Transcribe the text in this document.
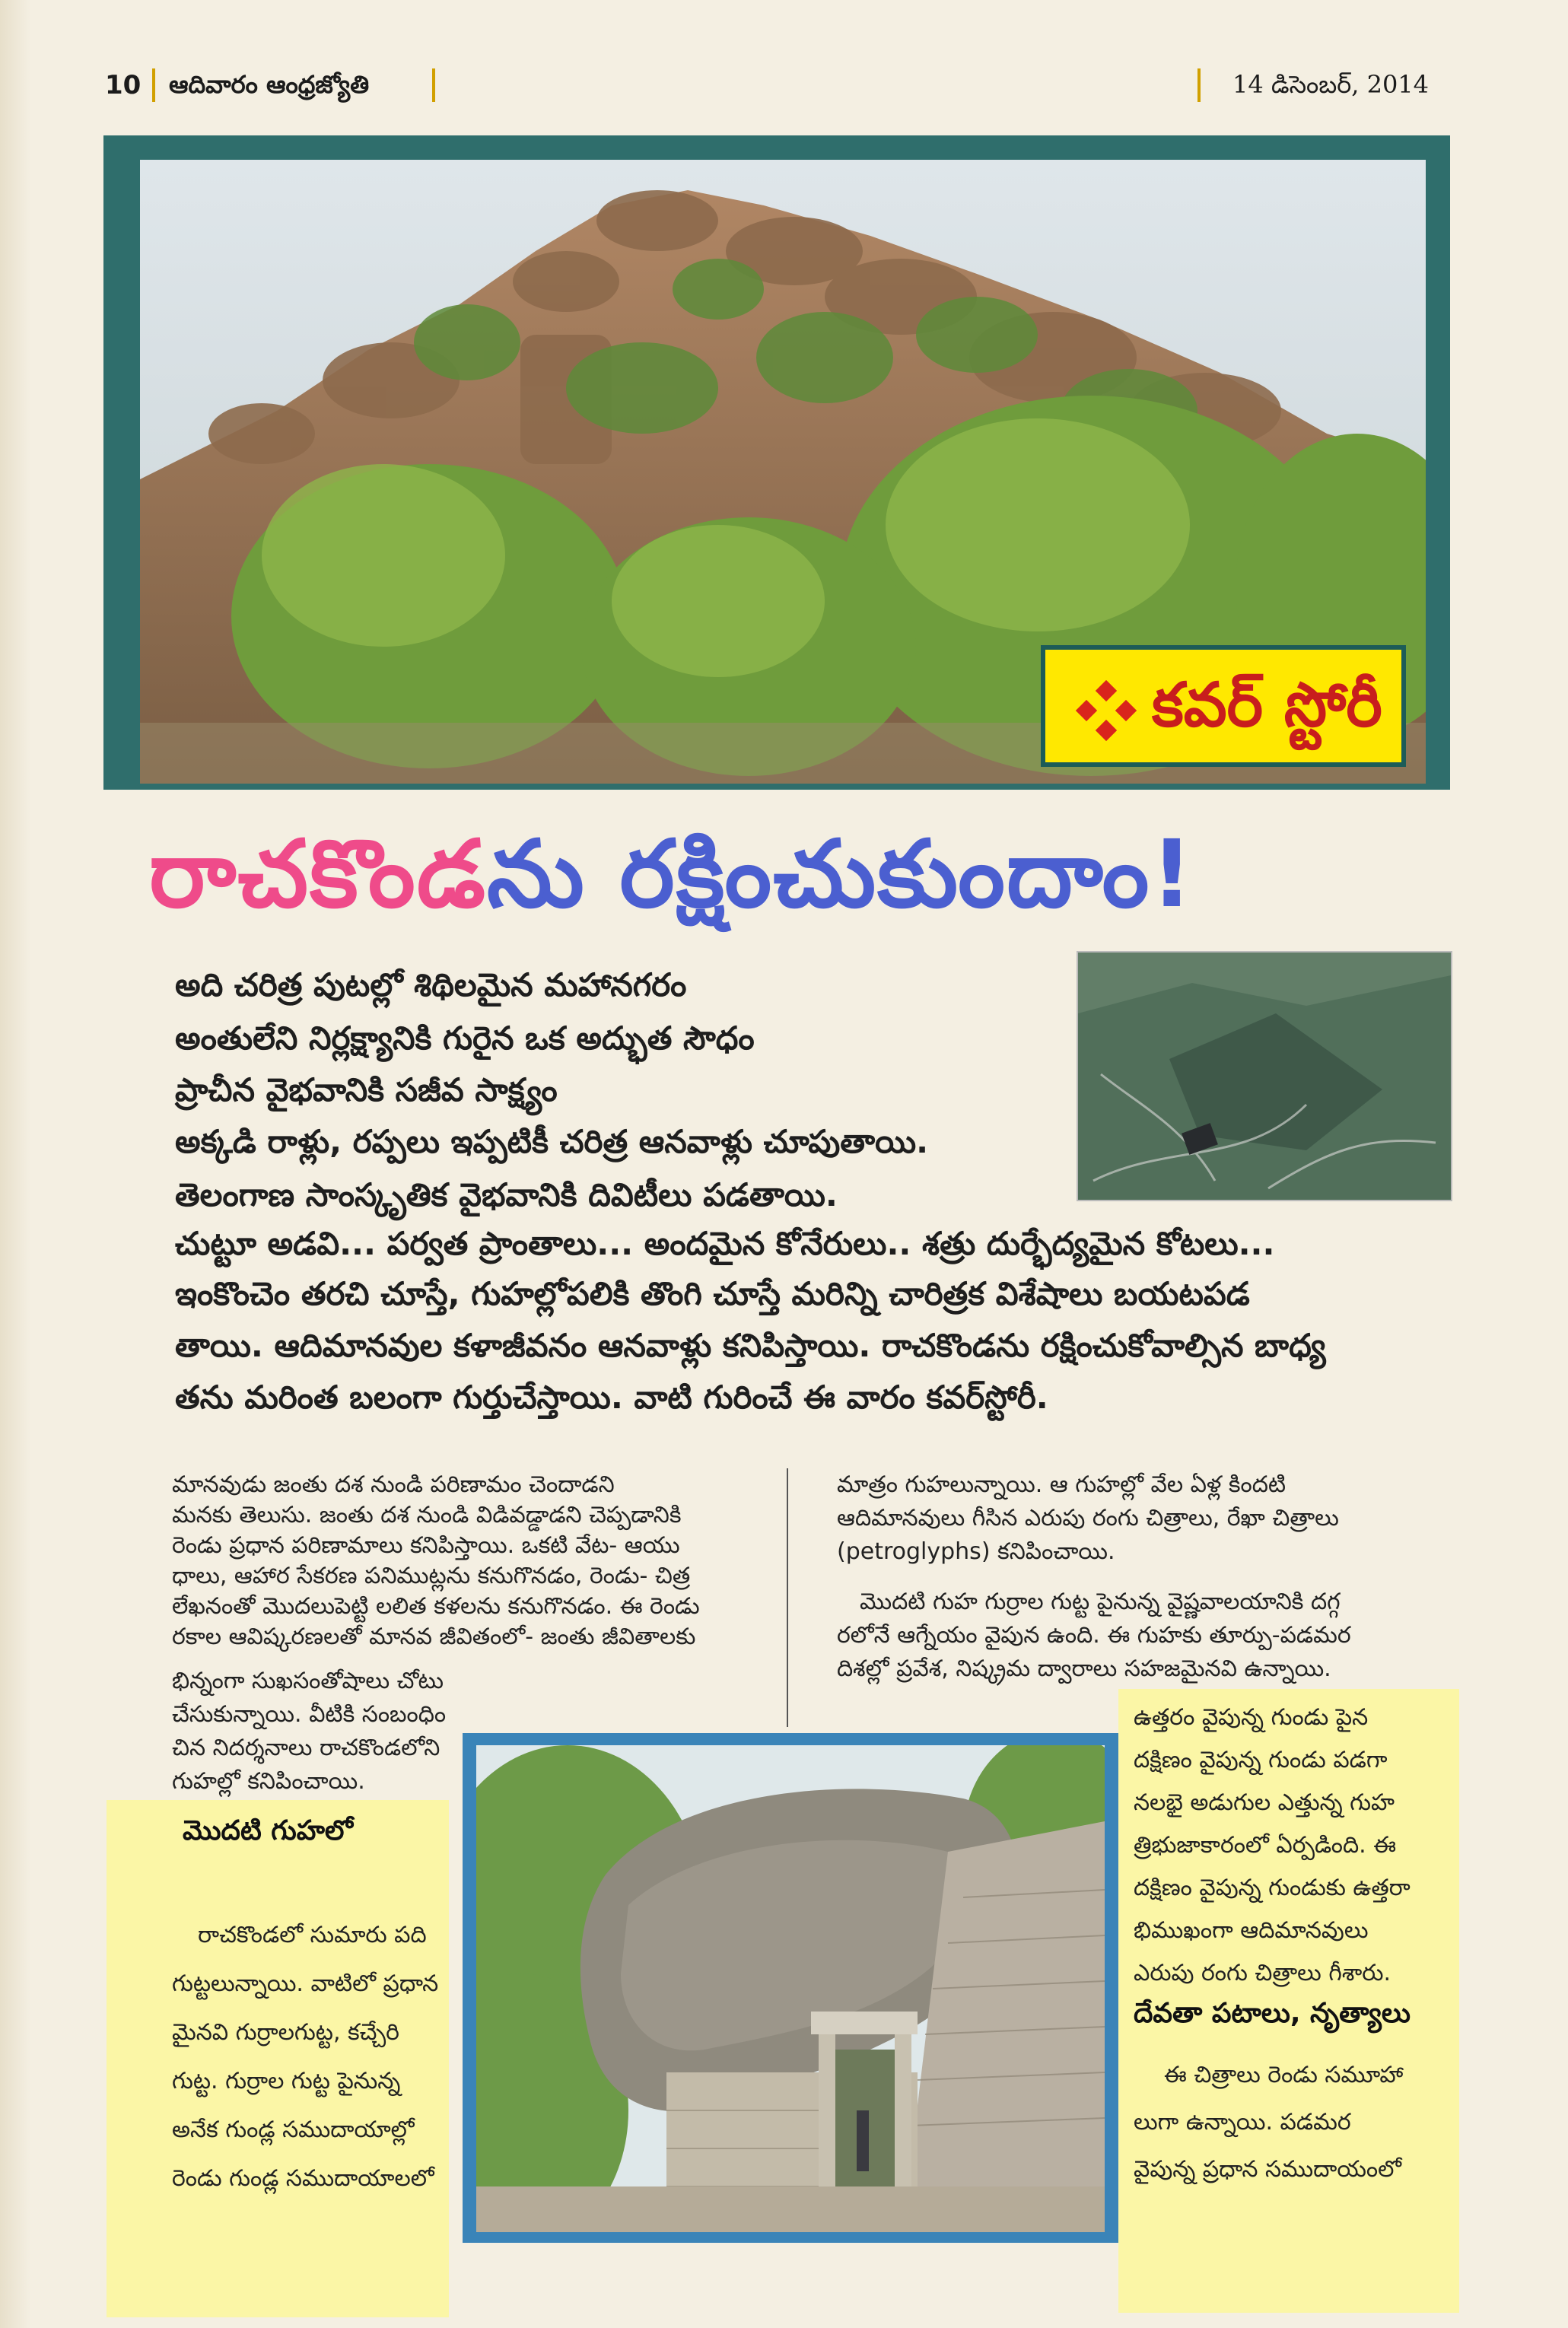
10 ఆదివారం ఆంధ్రజ్యోతి	14 డిసెంబర్, 2014
కవర్ స్టోరీ
రాచకొండను రక్షించుకుందాం!
అది చరిత్ర పుటల్లో శిథిలమైన మహానగరం
అంతులేని నిర్లక్ష్యానికి గురైన ఒక అద్భుత సౌధం
ప్రాచీన వైభవానికి సజీవ సాక్ష్యం
అక్కడి రాళ్లు, రప్పలు ఇప్పటికీ చరిత్ర ఆనవాళ్లు చూపుతాయి.
తెలంగాణ సాంస్కృతిక వైభవానికి దివిటీలు పడతాయి.
చుట్టూ అడవి... పర్వత ప్రాంతాలు... అందమైన కోనేరులు.. శత్రు దుర్భేద్యమైన కోటలు...
ఇంకొంచెం తరచి చూస్తే, గుహల్లోపలికి తొంగి చూస్తే మరిన్ని చారిత్రక విశేషాలు బయటపడ
తాయి. ఆదిమానవుల కళాజీవనం ఆనవాళ్లు కనిపిస్తాయి. రాచకొండను రక్షించుకోవాల్సిన బాధ్య
తను మరింత బలంగా గుర్తుచేస్తాయి. వాటి గురించే ఈ వారం కవర్‌స్టోరీ.
మానవుడు జంతు దశ నుండి పరిణామం చెందాడని
మనకు తెలుసు. జంతు దశ నుండి విడివడ్డాడని చెప్పడానికి
రెండు ప్రధాన పరిణామాలు కనిపిస్తాయి. ఒకటి వేట- ఆయు
ధాలు, ఆహార సేకరణ పనిముట్లను కనుగొనడం, రెండు- చిత్ర
లేఖనంతో మొదలుపెట్టి లలిత కళలను కనుగొనడం. ఈ రెండు
రకాల ఆవిష్కరణలతో మానవ జీవితంలో- జంతు జీవితాలకు
భిన్నంగా సుఖసంతోషాలు చోటు
చేసుకున్నాయి. వీటికి సంబంధిం
చిన నిదర్శనాలు రాచకొండలోని
గుహల్లో కనిపించాయి.
మొదటి గుహలో
రాచకొండలో సుమారు పది
గుట్టలున్నాయి. వాటిలో ప్రధాన
మైనవి గుర్రాలగుట్ట, కచ్చేరి
గుట్ట. గుర్రాల గుట్ట పైనున్న
అనేక గుండ్ల సముదాయాల్లో
రెండు గుండ్ల సముదాయాలలో
మాత్రం గుహలున్నాయి. ఆ గుహల్లో వేల ఏళ్ల కిందటి
ఆదిమానవులు గీసిన ఎరుపు రంగు చిత్రాలు, రేఖా చిత్రాలు
(petroglyphs) కనిపించాయి.
మొదటి గుహ గుర్రాల గుట్ట పైనున్న వైష్ణవాలయానికి దగ్గ
రలోనే ఆగ్నేయం వైపున ఉంది. ఈ గుహకు తూర్పు-పడమర
దిశల్లో ప్రవేశ, నిష్క్రమ ద్వారాలు సహజమైనవి ఉన్నాయి.
ఉత్తరం వైపున్న గుండు పైన
దక్షిణం వైపున్న గుండు పడగా
నలభై అడుగుల ఎత్తున్న గుహ
త్రిభుజాకారంలో ఏర్పడింది. ఈ
దక్షిణం వైపున్న గుండుకు ఉత్తరా
భిముఖంగా ఆదిమానవులు
ఎరుపు రంగు చిత్రాలు గీశారు.
దేవతా పటాలు, నృత్యాలు
ఈ చిత్రాలు రెండు సమూహా
లుగా ఉన్నాయి. పడమర
వైపున్న ప్రధాన సముదాయంలో
